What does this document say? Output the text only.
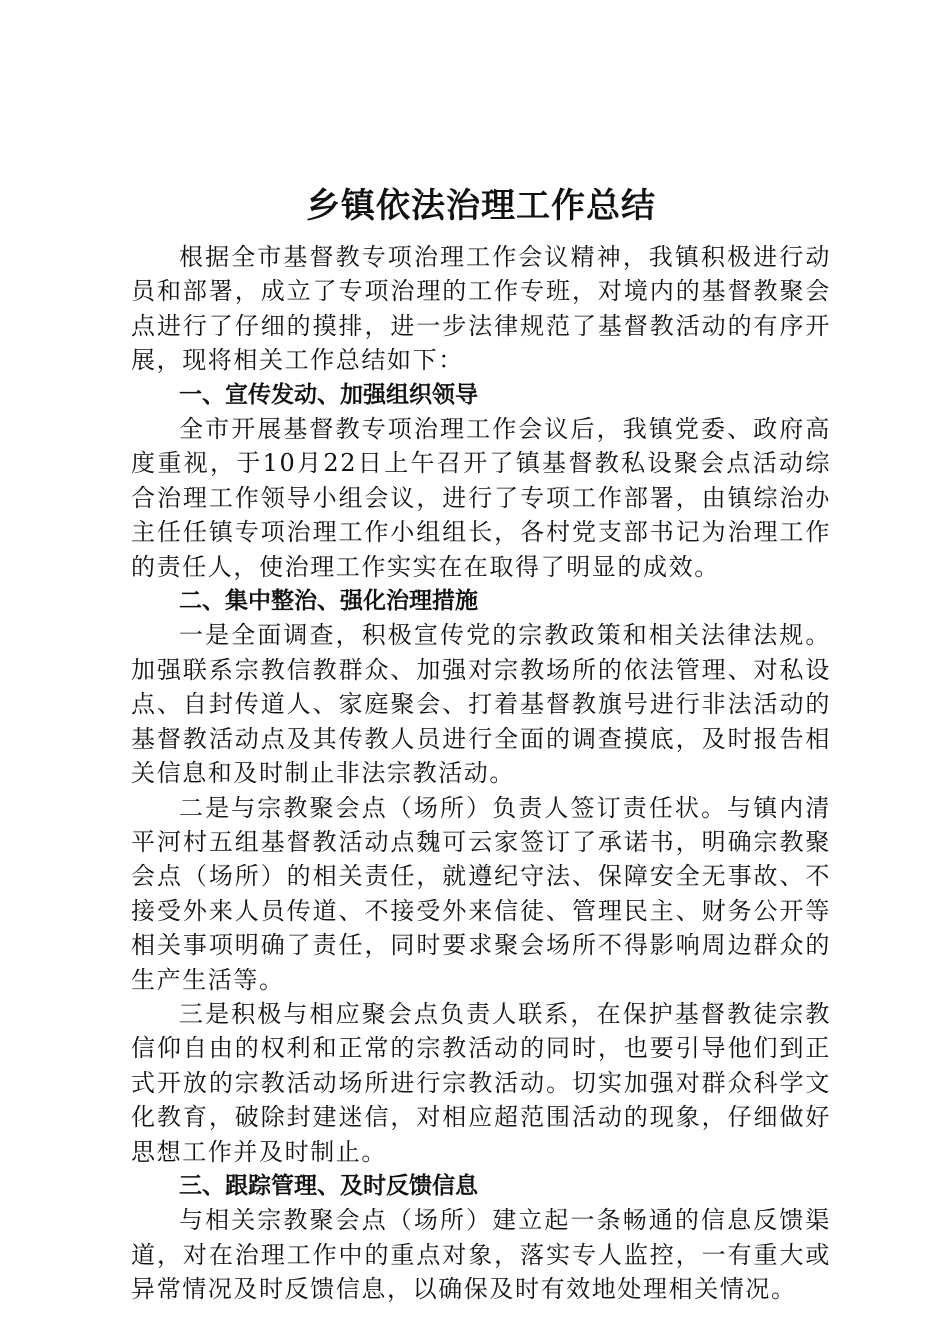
乡镇依法治理工作总结

根据全市基督教专项治理工作会议精神，我镇积极进行动员和部署，成立了专项治理的工作专班，对境内的基督教聚会点进行了仔细的摸排，进一步法律规范了基督教活动的有序开展，现将相关工作总结如下：

一、宣传发动、加强组织领导

全市开展基督教专项治理工作会议后，我镇党委、政府高度重视，于10月22日上午召开了镇基督教私设聚会点活动综合治理工作领导小组会议，进行了专项工作部署，由镇综治办主任任镇专项治理工作小组组长，各村党支部书记为治理工作的责任人，使治理工作实实在在取得了明显的成效。

二、集中整治、强化治理措施

一是全面调查，积极宣传党的宗教政策和相关法律法规。加强联系宗教信教群众、加强对宗教场所的依法管理、对私设点、自封传道人、家庭聚会、打着基督教旗号进行非法活动的基督教活动点及其传教人员进行全面的调查摸底，及时报告相关信息和及时制止非法宗教活动。

二是与宗教聚会点（场所）负责人签订责任状。与镇内清平河村五组基督教活动点魏可云家签订了承诺书，明确宗教聚会点（场所）的相关责任，就遵纪守法、保障安全无事故、不接受外来人员传道、不接受外来信徒、管理民主、财务公开等相关事项明确了责任，同时要求聚会场所不得影响周边群众的生产生活等。

三是积极与相应聚会点负责人联系，在保护基督教徒宗教信仰自由的权利和正常的宗教活动的同时，也要引导他们到正式开放的宗教活动场所进行宗教活动。切实加强对群众科学文化教育，破除封建迷信，对相应超范围活动的现象，仔细做好思想工作并及时制止。

三、跟踪管理、及时反馈信息

与相关宗教聚会点（场所）建立起一条畅通的信息反馈渠道，对在治理工作中的重点对象，落实专人监控，一有重大或异常情况及时反馈信息，以确保及时有效地处理相关情况。
